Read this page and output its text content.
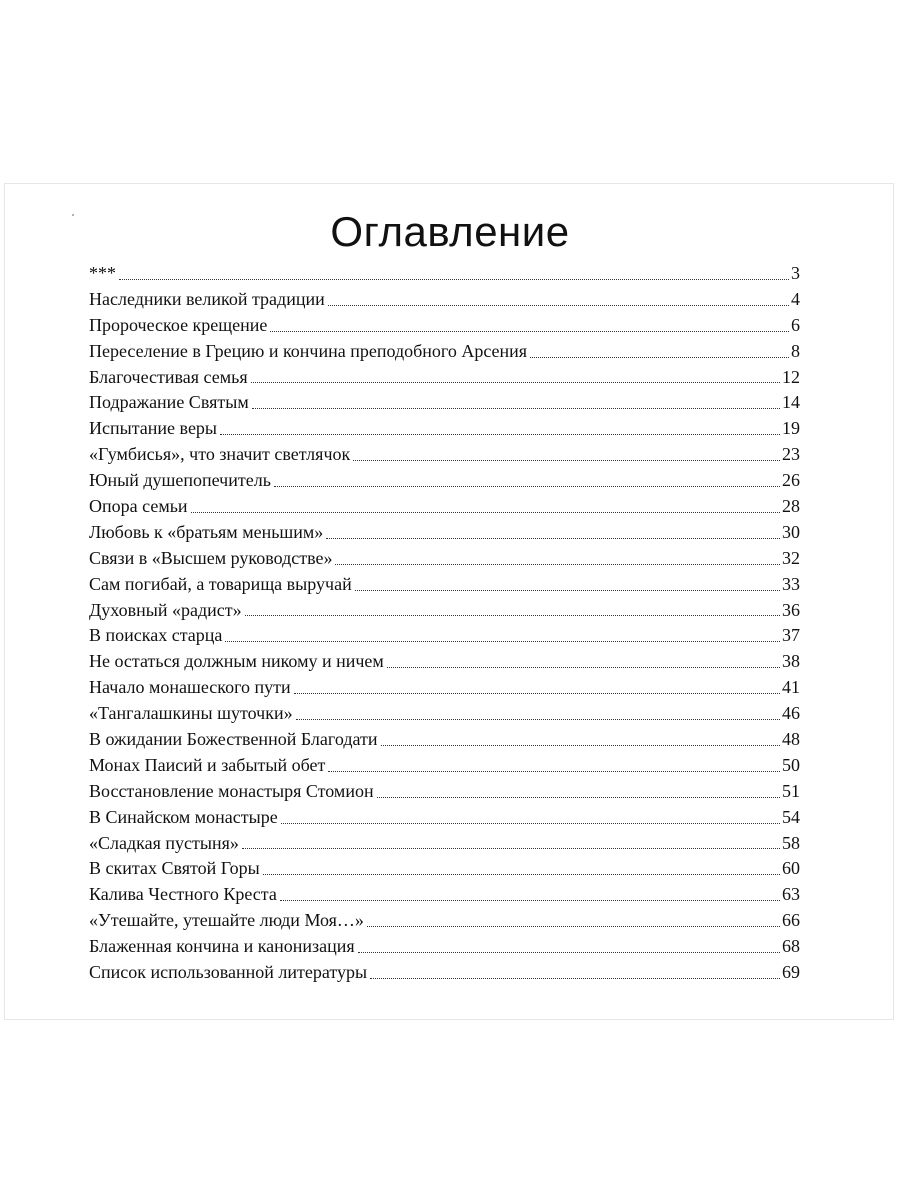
Оглавление
***	3
Наследники великой традиции	4
Пророческое крещение	6
Переселение в Грецию и кончина преподобного Арсения	8
Благочестивая семья	12
Подражание Святым	14
Испытание веры	19
«Гумбисья», что значит светлячок	23
Юный душепопечитель	26
Опора семьи	28
Любовь к «братьям меньшим»	30
Связи в «Высшем руководстве»	32
Сам погибай, а товарища выручай	33
Духовный «радист»	36
В поисках старца	37
Не остаться должным никому и ничем	38
Начало монашеского пути	41
«Тангалашкины шуточки»	46
В ожидании Божественной Благодати	48
Монах Паисий и забытый обет	50
Восстановление монастыря Стомион	51
В Синайском монастыре	54
«Сладкая пустыня»	58
В скитах Святой Горы	60
Калива Честного Креста	63
«Утешайте, утешайте люди Моя…»	66
Блаженная кончина и канонизация	68
Список использованной литературы	69
